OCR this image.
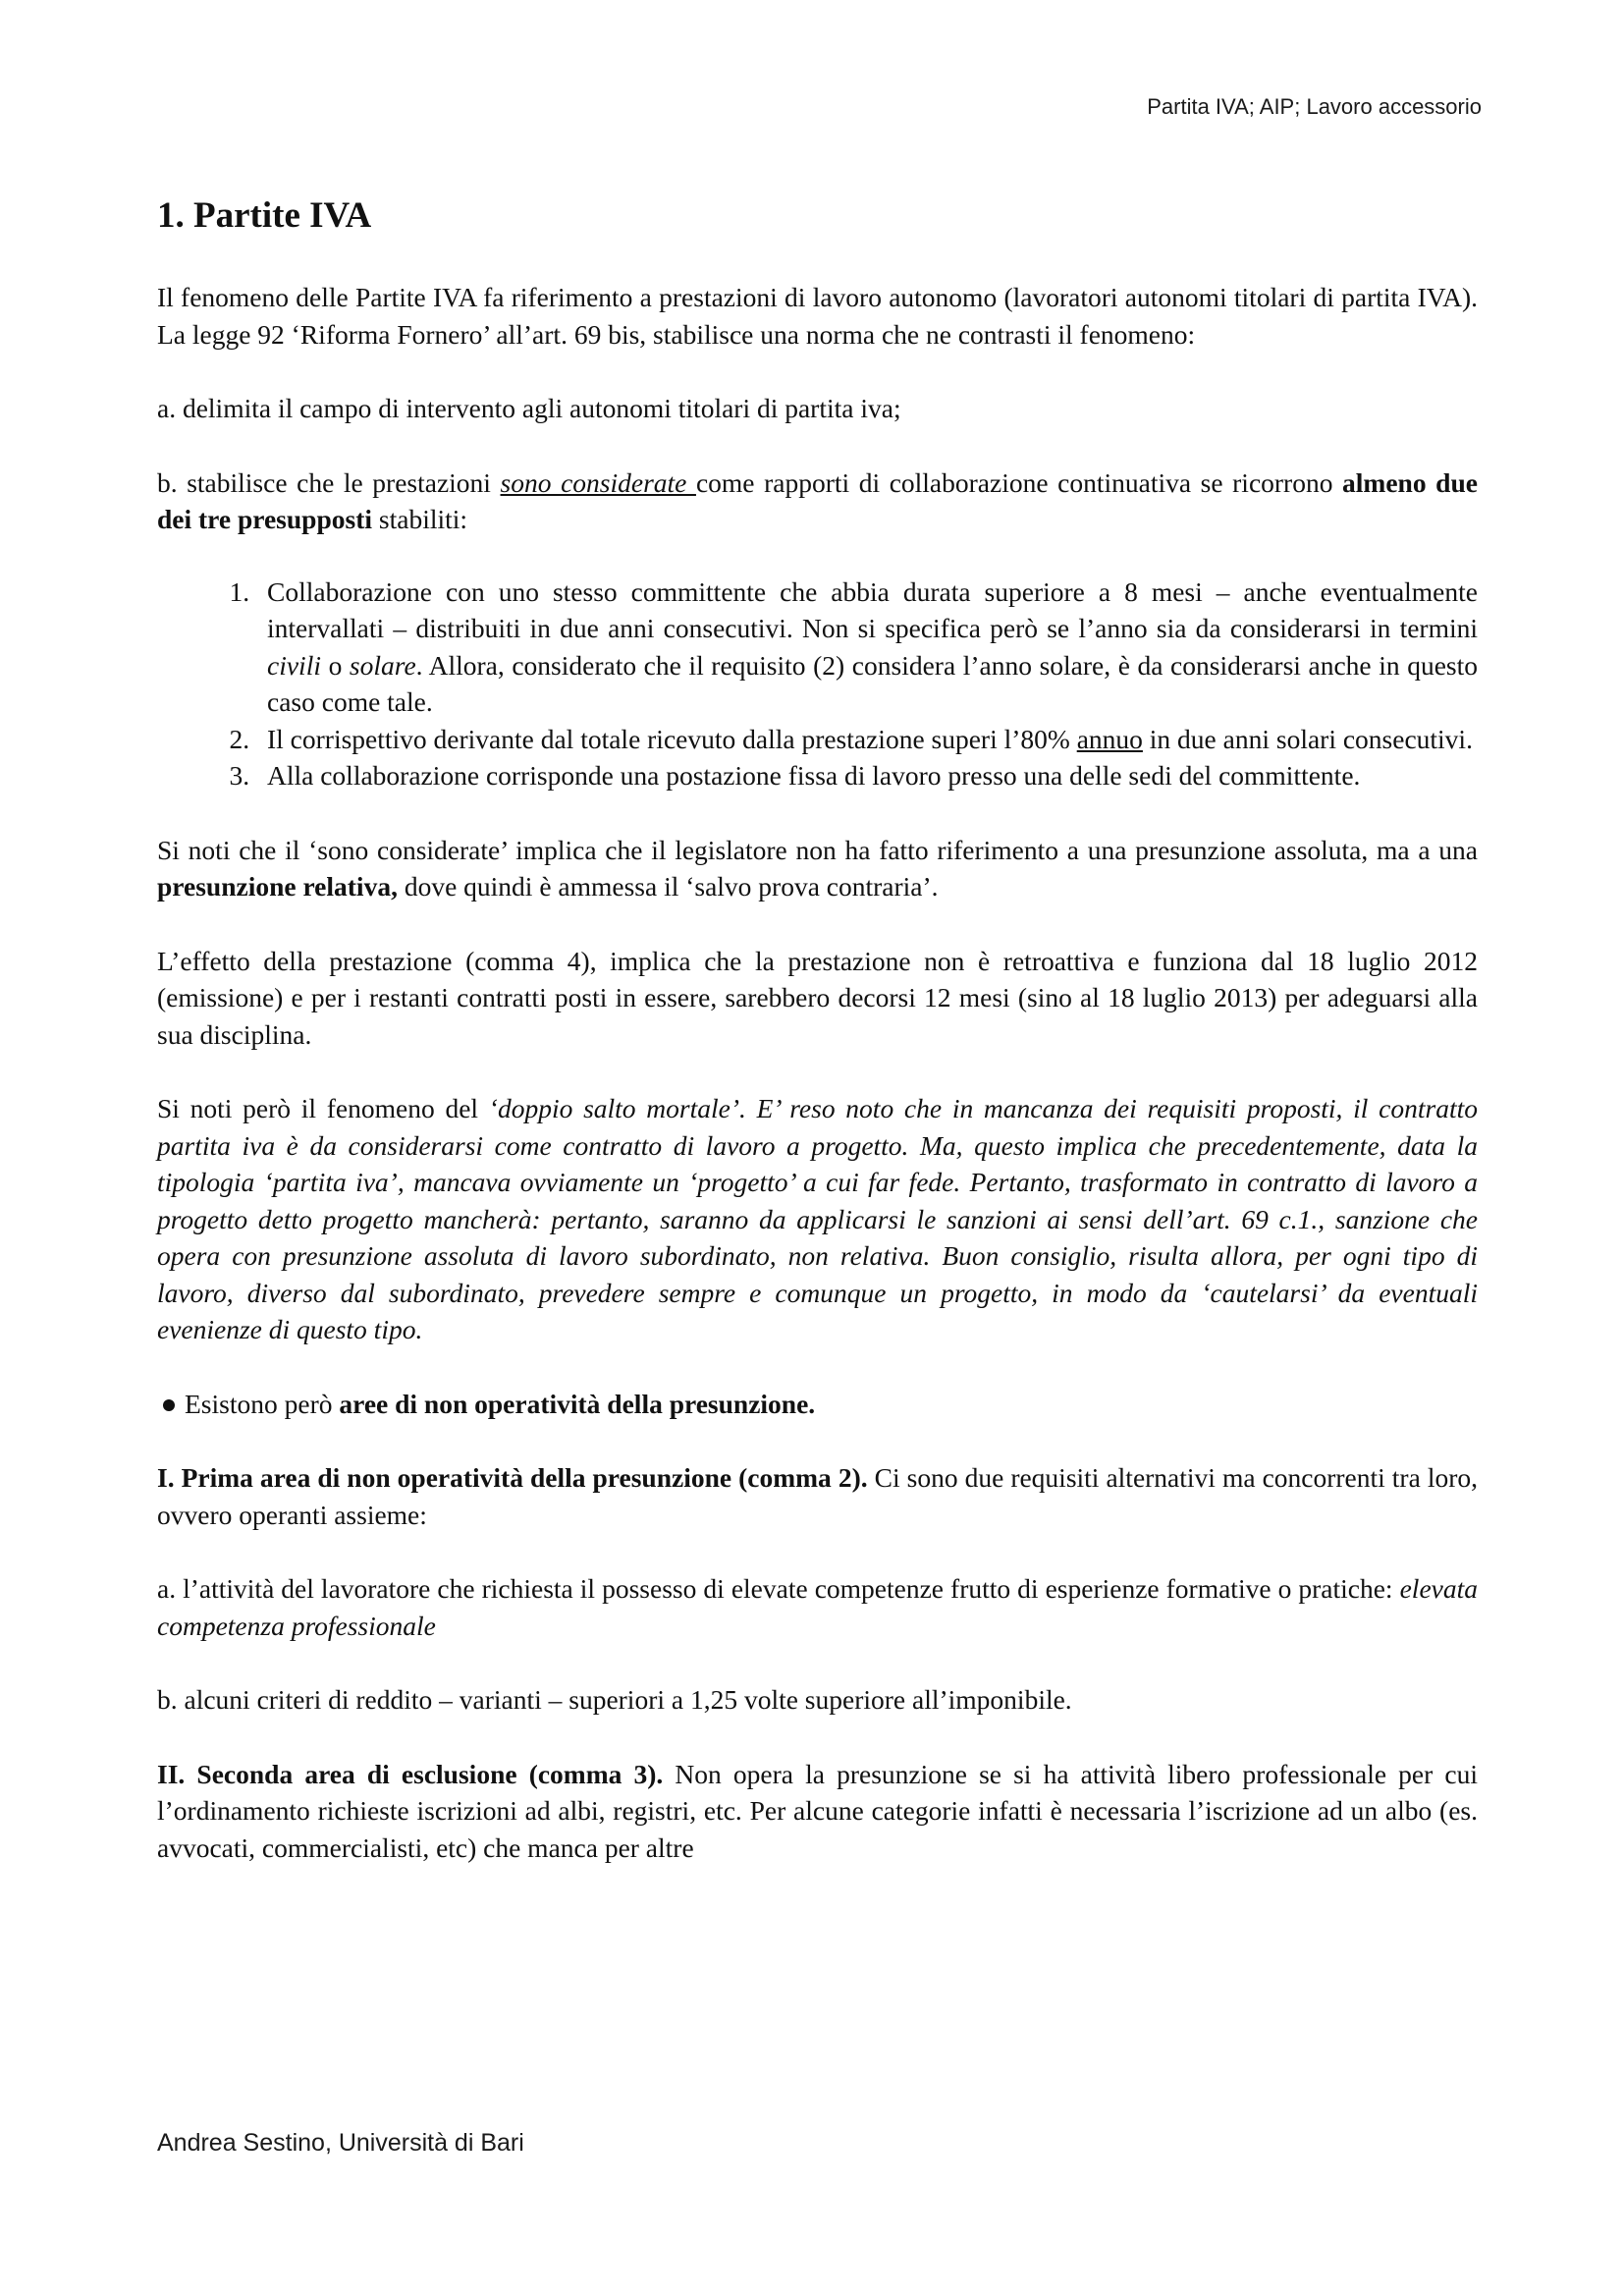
Partita IVA; AIP; Lavoro accessorio
1. Partite IVA

Il fenomeno delle Partite IVA fa riferimento a prestazioni di lavoro autonomo (lavoratori autonomi titolari di partita IVA). La legge 92 ‘Riforma Fornero’ all’art. 69 bis, stabilisce una norma che ne contrasti il fenomeno:

a. delimita il campo di intervento agli autonomi titolari di partita iva;

b. stabilisce che le prestazioni sono considerate come rapporti di collaborazione continuativa se ricorrono almeno due dei tre presupposti stabiliti:

1. Collaborazione con uno stesso committente che abbia durata superiore a 8 mesi – anche eventualmente intervallati – distribuiti in due anni consecutivi. Non si specifica però se l’anno sia da considerarsi in termini civili o solare. Allora, considerato che il requisito (2) considera l’anno solare, è da considerarsi anche in questo caso come tale.
2. Il corrispettivo derivante dal totale ricevuto dalla prestazione superi l’80% annuo in due anni solari consecutivi.
3. Alla collaborazione corrisponde una postazione fissa di lavoro presso una delle sedi del committente.

Si noti che il ‘sono considerate’ implica che il legislatore non ha fatto riferimento a una presunzione assoluta, ma a una presunzione relativa, dove quindi è ammessa il ‘salvo prova contraria’.

L’effetto della prestazione (comma 4), implica che la prestazione non è retroattiva e funziona dal 18 luglio 2012 (emissione) e per i restanti contratti posti in essere, sarebbero decorsi 12 mesi (sino al 18 luglio 2013) per adeguarsi alla sua disciplina.

Si noti però il fenomeno del ‘doppio salto mortale’. E’ reso noto che in mancanza dei requisiti proposti, il contratto partita iva è da considerarsi come contratto di lavoro a progetto. Ma, questo implica che precedentemente, data la tipologia ‘partita iva’, mancava ovviamente un ‘progetto’ a cui far fede. Pertanto, trasformato in contratto di lavoro a progetto detto progetto mancherà: pertanto, saranno da applicarsi le sanzioni ai sensi dell’art. 69 c.1., sanzione che opera con presunzione assoluta di lavoro subordinato, non relativa. Buon consiglio, risulta allora, per ogni tipo di lavoro, diverso dal subordinato, prevedere sempre e comunque un progetto, in modo da ‘cautelarsi’ da eventuali evenienze di questo tipo.

Esistono però aree di non operatività della presunzione.

I. Prima area di non operatività della presunzione (comma 2). Ci sono due requisiti alternativi ma concorrenti tra loro, ovvero operanti assieme:

a. l’attività del lavoratore che richiesta il possesso di elevate competenze frutto di esperienze formative o pratiche: elevata competenza professionale

b. alcuni criteri di reddito – varianti – superiori a 1,25 volte superiore all’imponibile.

II. Seconda area di esclusione (comma 3). Non opera la presunzione se si ha attività libero professionale per cui l’ordinamento richieste iscrizioni ad albi, registri, etc. Per alcune categorie infatti è necessaria l’iscrizione ad un albo (es. avvocati, commercialisti, etc) che manca per altre

Andrea Sestino, Università di Bari
